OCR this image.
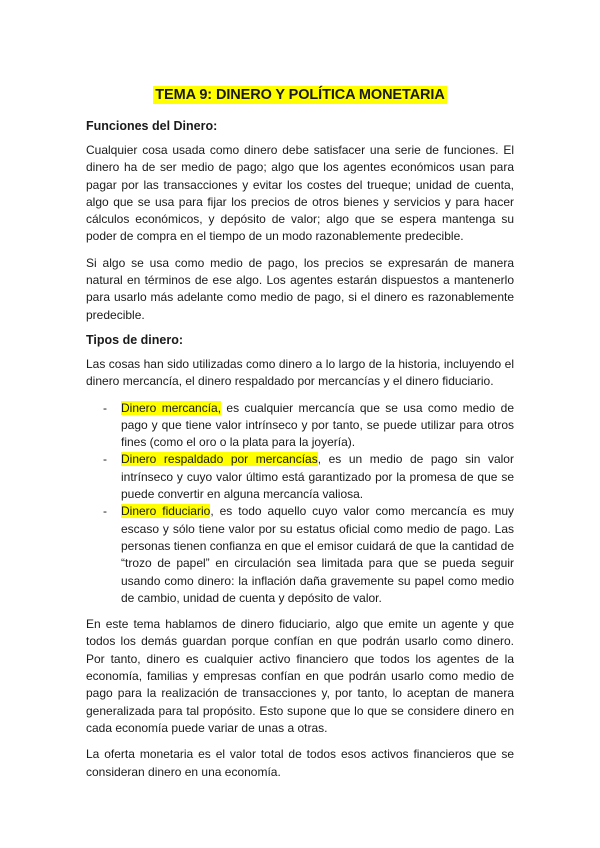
TEMA 9: DINERO Y POLÍTICA MONETARIA
Funciones del Dinero:

Cualquier cosa usada como dinero debe satisfacer una serie de funciones. El dinero ha de ser medio de pago; algo que los agentes económicos usan para pagar por las transacciones y evitar los costes del trueque; unidad de cuenta, algo que se usa para fijar los precios de otros bienes y servicios y para hacer cálculos económicos, y depósito de valor; algo que se espera mantenga su poder de compra en el tiempo de un modo razonablemente predecible.

Si algo se usa como medio de pago, los precios se expresarán de manera natural en términos de ese algo. Los agentes estarán dispuestos a mantenerlo para usarlo más adelante como medio de pago, si el dinero es razonablemente predecible.

Tipos de dinero:

Las cosas han sido utilizadas como dinero a lo largo de la historia, incluyendo el dinero mercancía, el dinero respaldado por mercancías y el dinero fiduciario.

- Dinero mercancía, es cualquier mercancía que se usa como medio de pago y que tiene valor intrínseco y por tanto, se puede utilizar para otros fines (como el oro o la plata para la joyería).
- Dinero respaldado por mercancías, es un medio de pago sin valor intrínseco y cuyo valor último está garantizado por la promesa de que se puede convertir en alguna mercancía valiosa.
- Dinero fiduciario, es todo aquello cuyo valor como mercancía es muy escaso y sólo tiene valor por su estatus oficial como medio de pago. Las personas tienen confianza en que el emisor cuidará de que la cantidad de “trozo de papel” en circulación sea limitada para que se pueda seguir usando como dinero: la inflación daña gravemente su papel como medio de cambio, unidad de cuenta y depósito de valor.

En este tema hablamos de dinero fiduciario, algo que emite un agente y que todos los demás guardan porque confían en que podrán usarlo como dinero. Por tanto, dinero es cualquier activo financiero que todos los agentes de la economía, familias y empresas confían en que podrán usarlo como medio de pago para la realización de transacciones y, por tanto, lo aceptan de manera generalizada para tal propósito. Esto supone que lo que se considere dinero en cada economía puede variar de unas a otras.

La oferta monetaria es el valor total de todos esos activos financieros que se consideran dinero en una economía.
